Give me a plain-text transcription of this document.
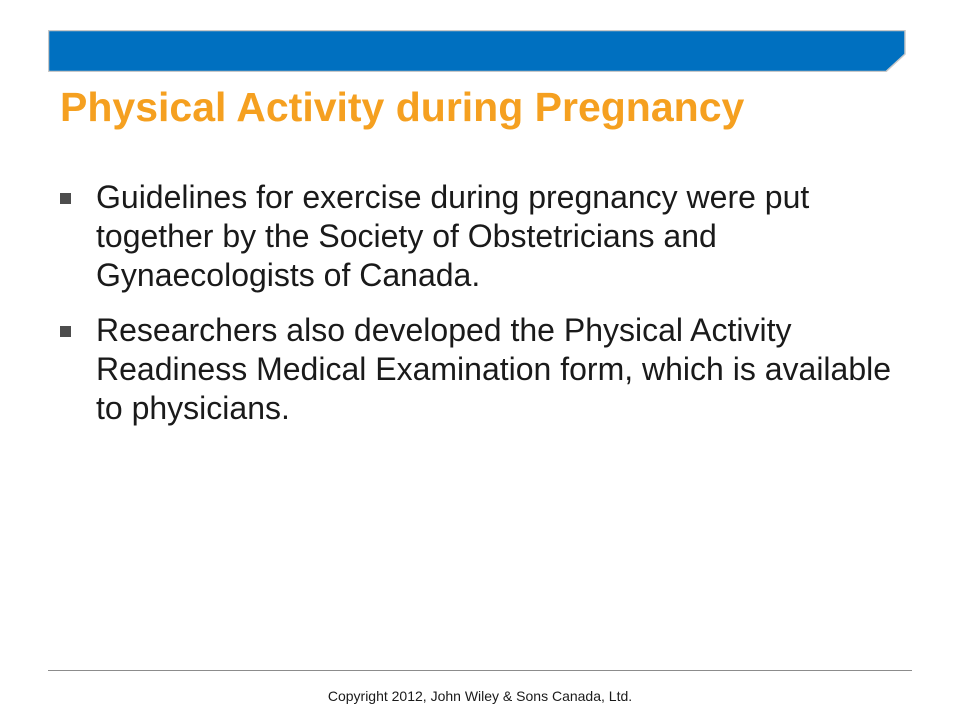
Physical Activity during Pregnancy
Guidelines for exercise during pregnancy were put together by the Society of Obstetricians and Gynaecologists of Canada.
Researchers also developed the Physical Activity Readiness Medical Examination form, which is available to physicians.
Copyright 2012, John Wiley & Sons Canada, Ltd.
